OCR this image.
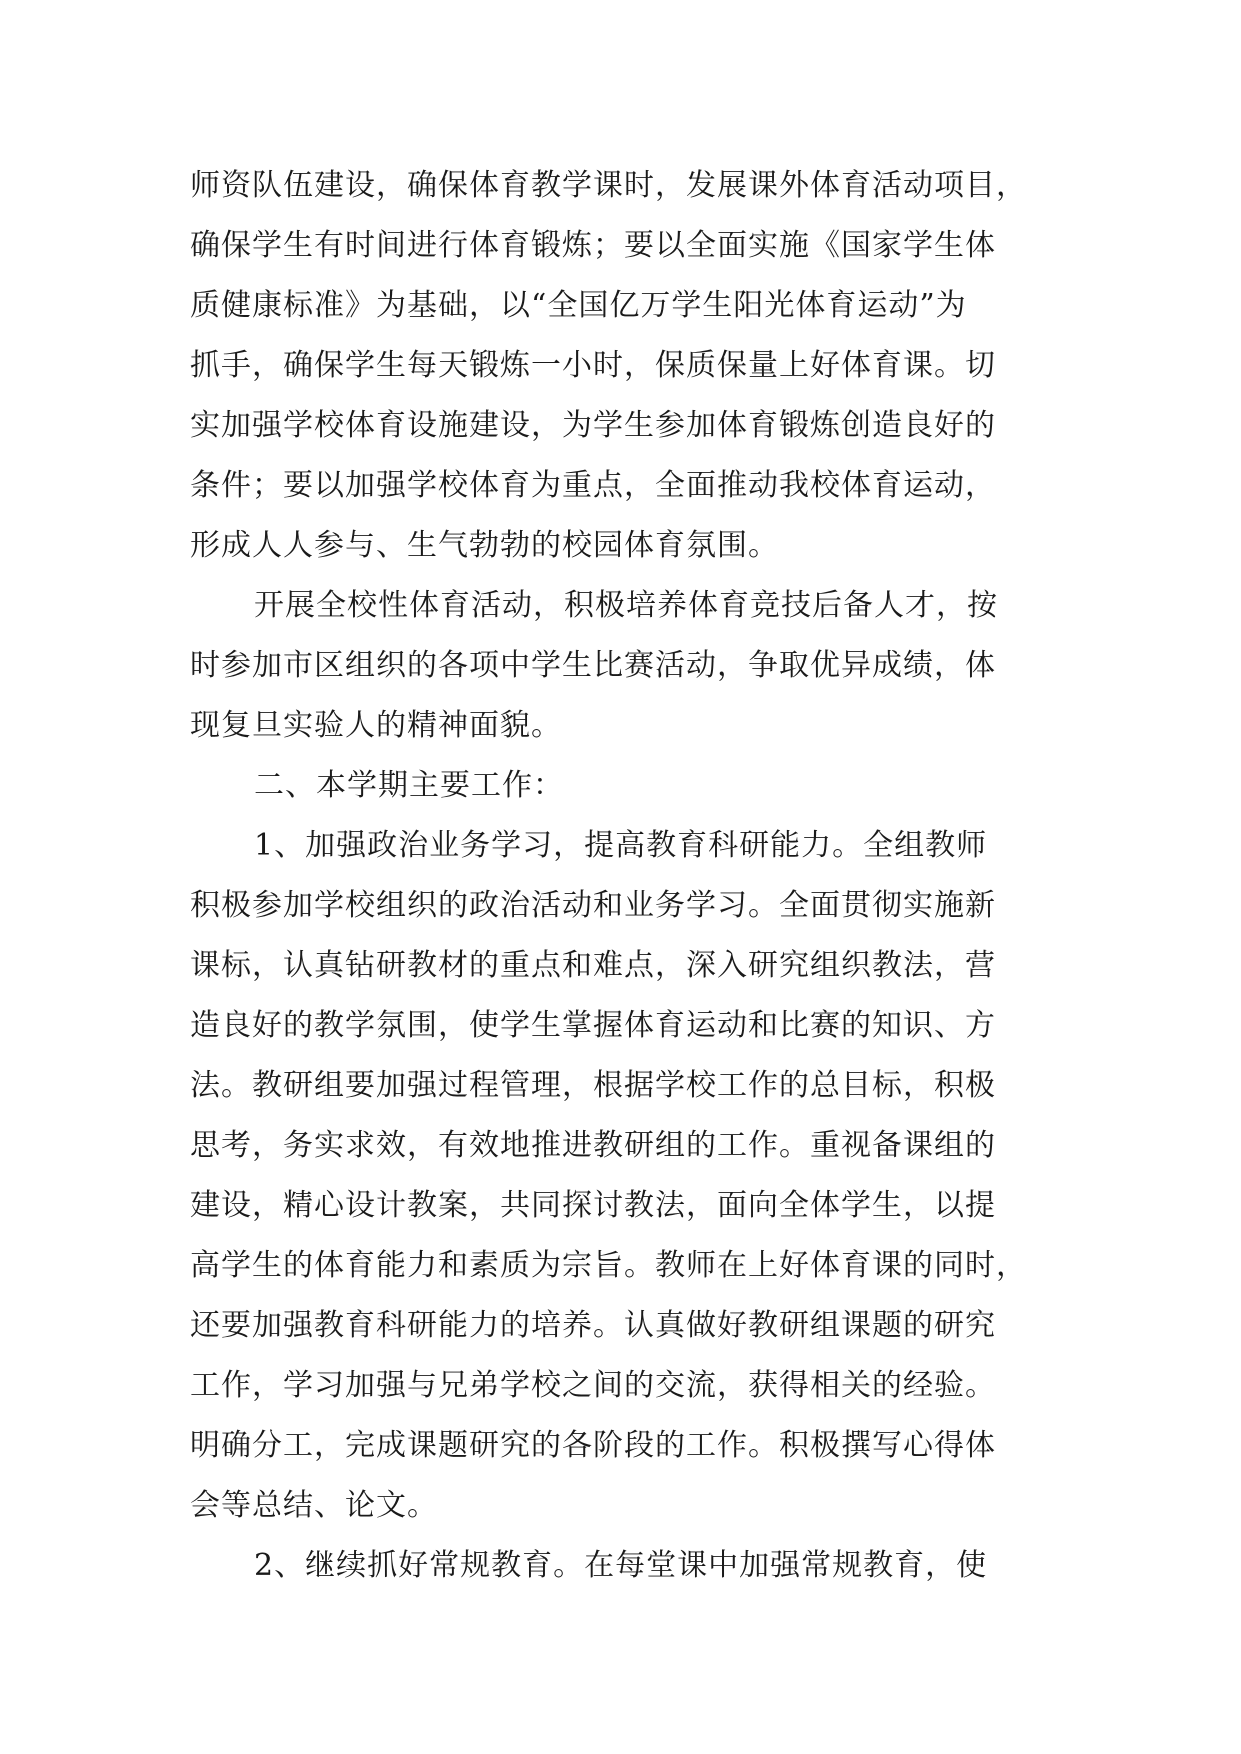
师资队伍建设，确保体育教学课时，发展课外体育活动项目，
确保学生有时间进行体育锻炼；要以全面实施《国家学生体
质健康标准》为基础，以“全国亿万学生阳光体育运动”为
抓手，确保学生每天锻炼一小时，保质保量上好体育课。切
实加强学校体育设施建设，为学生参加体育锻炼创造良好的
条件；要以加强学校体育为重点，全面推动我校体育运动，
形成人人参与、生气勃勃的校园体育氛围。
开展全校性体育活动，积极培养体育竞技后备人才，按
时参加市区组织的各项中学生比赛活动，争取优异成绩，体
现复旦实验人的精神面貌。
二、本学期主要工作：
1、加强政治业务学习，提高教育科研能力。全组教师
积极参加学校组织的政治活动和业务学习。全面贯彻实施新
课标，认真钻研教材的重点和难点，深入研究组织教法，营
造良好的教学氛围，使学生掌握体育运动和比赛的知识、方
法。教研组要加强过程管理，根据学校工作的总目标，积极
思考，务实求效，有效地推进教研组的工作。重视备课组的
建设，精心设计教案，共同探讨教法，面向全体学生，以提
高学生的体育能力和素质为宗旨。教师在上好体育课的同时，
还要加强教育科研能力的培养。认真做好教研组课题的研究
工作，学习加强与兄弟学校之间的交流，获得相关的经验。
明确分工，完成课题研究的各阶段的工作。积极撰写心得体
会等总结、论文。
2、继续抓好常规教育。在每堂课中加强常规教育，使
